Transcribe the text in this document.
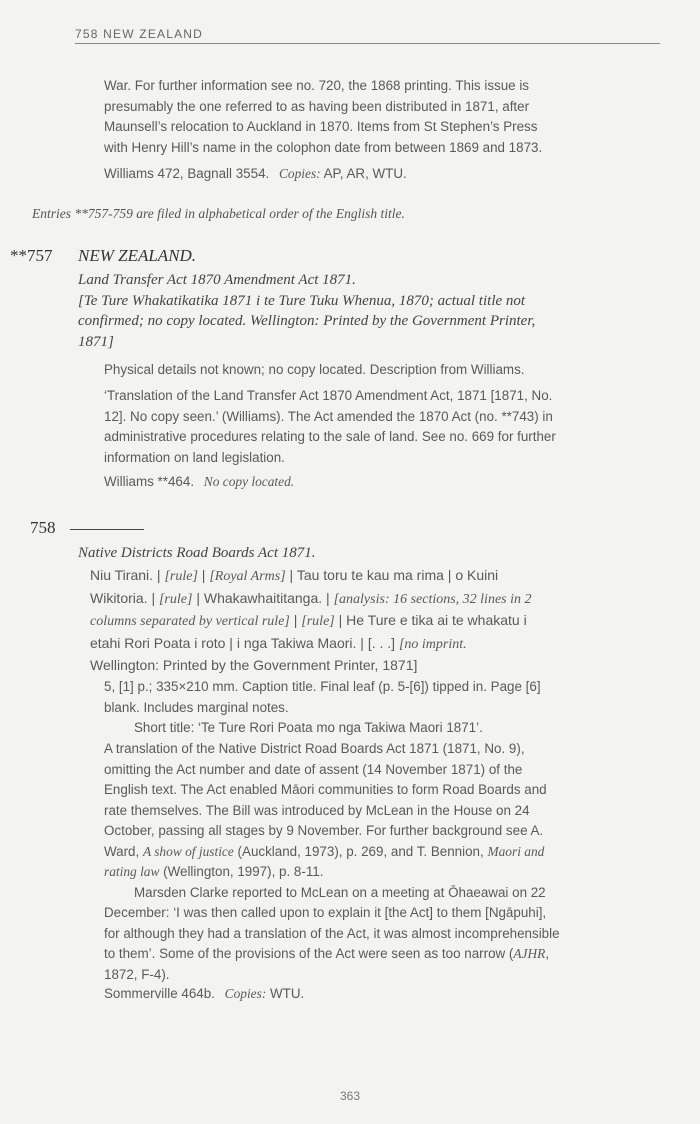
758 NEW ZEALAND

War. For further information see no. 720, the 1868 printing. This issue is

presumably the one referred to as having been distributed in 1871, after

Maunsell’s relocation to Auckland in 1870. Items from St Stephen’s Press

with Henry Hill’s name in the colophon date from between 1869 and 1873.

Williams 472, Bagnall 3554. Copies: AP, AR, WTU.
Entries **757-759 are filed in alphabetical order of the English title.
**757 NEW ZEALAND.

Land Transfer Act 1870 Amendment Act 1871.

[Te Ture Whakatikatika 1871 i te Ture Tuku Whenua, 1870; actual title not

confirmed; no copy located. Wellington: Printed by the Government Printer,

1871]

Physical details not known; no copy located. Description from Williams.

‘Translation of the Land Transfer Act 1870 Amendment Act, 1871 [1871, No.

12]. No copy seen.’ (Williams). The Act amended the 1870 Act (no. **743) in

administrative procedures relating to the sale of land. See no. 669 for further

information on land legislation.

Williams **464. No copy located.
758
Native Districts Road Boards Act 1871.

Niu Tirani. | [rule] | [Royal Arms] | Tau toru te kau ma rima | o Kuini

Wikitoria. | [rule] | Whakawhaititanga. | [analysis: 16 sections, 32 lines in 2

columns separated by vertical rule] | [rule] | He Ture e tika ai te whakatu i

etahi Rori Poata i roto | i nga Takiwa Maori. | [. . .] [no imprint.

Wellington: Printed by the Government Printer, 1871]

5, [1] p.; 335×210 mm. Caption title. Final leaf (p. 5-[6]) tipped in. Page [6]

blank. Includes marginal notes.

Short title: ‘Te Ture Rori Poata mo nga Takiwa Maori 1871’.

A translation of the Native District Road Boards Act 1871 (1871, No. 9),

omitting the Act number and date of assent (14 November 1871) of the

English text. The Act enabled Māori communities to form Road Boards and

rate themselves. The Bill was introduced by McLean in the House on 24

October, passing all stages by 9 November. For further background see A.

Ward, A show of justice (Auckland, 1973), p. 269, and T. Bennion, Maori and

rating law (Wellington, 1997), p. 8-11.

Marsden Clarke reported to McLean on a meeting at Ōhaeawai on 22

December: ‘I was then called upon to explain it [the Act] to them [Ngāpuhi],

for although they had a translation of the Act, it was almost incomprehensible

to them’. Some of the provisions of the Act were seen as too narrow (AJHR,

1872, F-4).

Sommerville 464b. Copies: WTU.
363
